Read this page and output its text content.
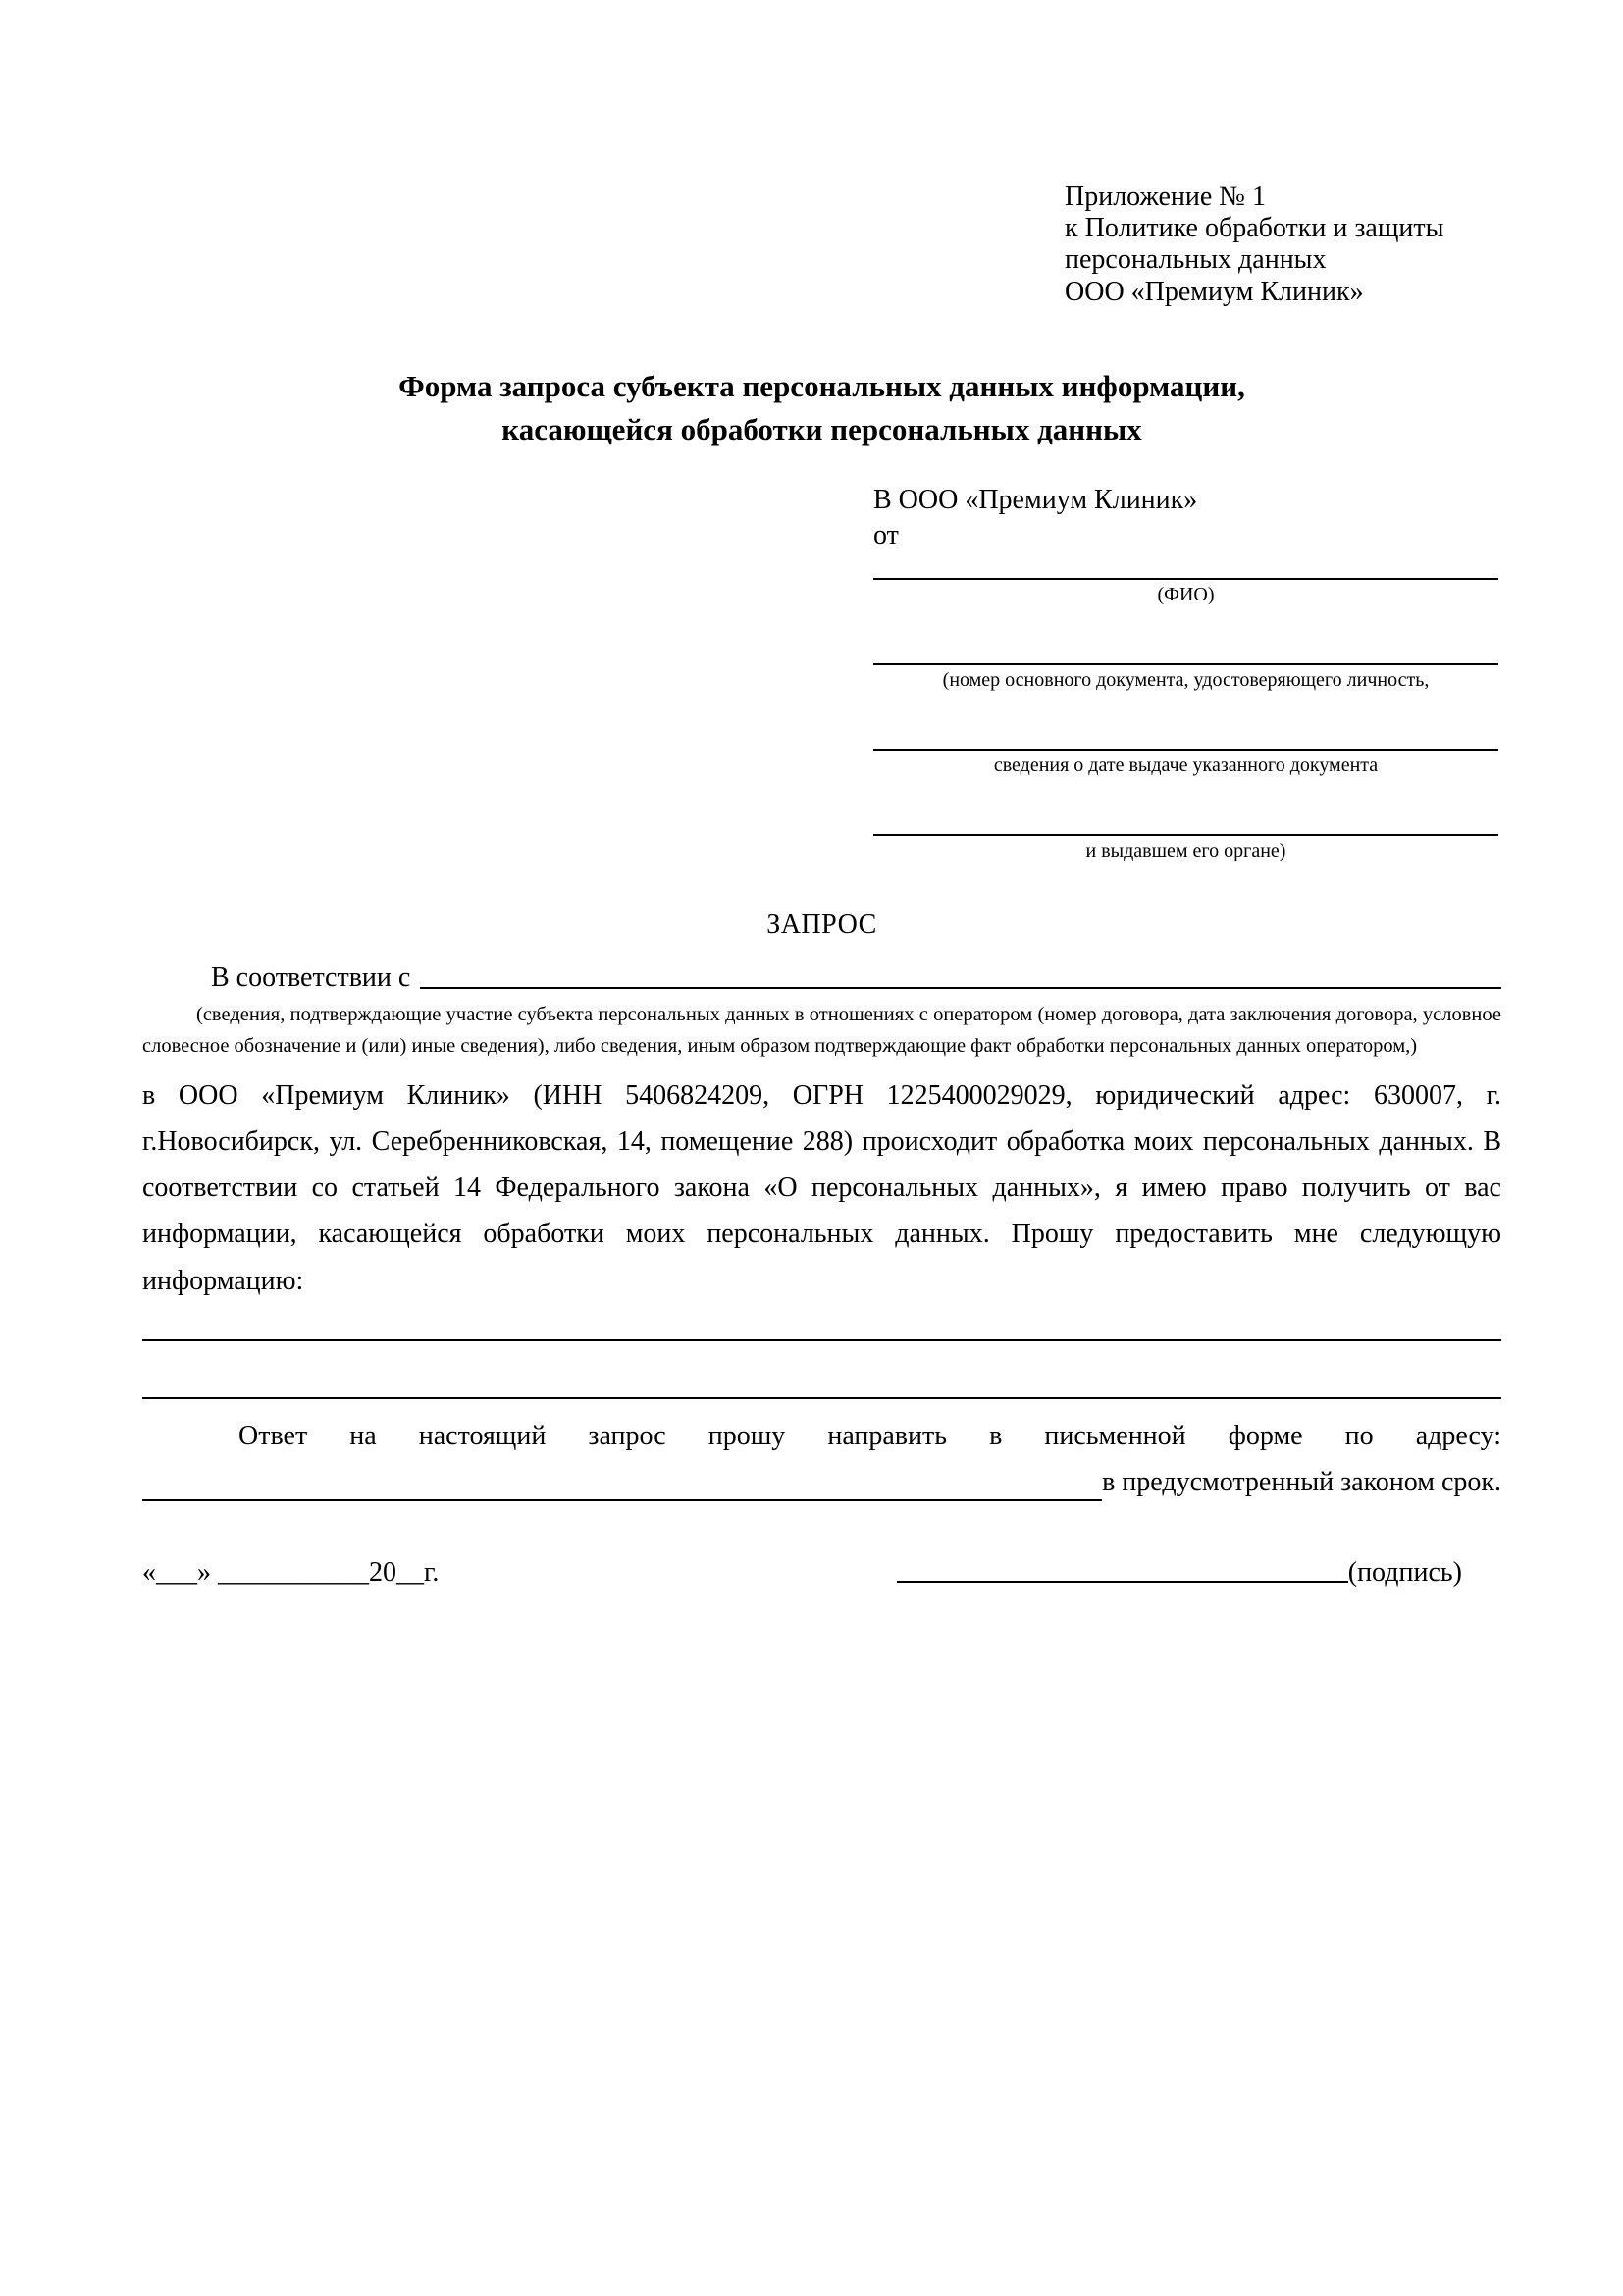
Приложение № 1
к Политике обработки и защиты
персональных данных
ООО «Премиум Клиник»
Форма запроса субъекта персональных данных информации,
касающейся обработки персональных данных
В ООО «Премиум Клиник»
от
(ФИО)
(номер основного документа, удостоверяющего личность,
сведения о дате выдаче указанного документа
и выдавшем его органе)
ЗАПРОС
В соответствии с
(сведения, подтверждающие участие субъекта персональных данных в отношениях с оператором (номер договора, дата заключения договора, условное словесное обозначение и (или) иные сведения), либо сведения, иным образом подтверждающие факт обработки персональных данных оператором,)
в ООО «Премиум Клиник» (ИНН 5406824209, ОГРН 1225400029029, юридический адрес: 630007, г. г.Новосибирск, ул. Серебренниковская, 14, помещение 288) происходит обработка моих персональных данных. В соответствии со статьей 14 Федерального закона «О персональных данных», я имею право получить от вас информации, касающейся обработки моих персональных данных. Прошу предоставить мне следующую информацию:
Ответ на настоящий запрос прошу направить в письменной форме по адресу:
в предусмотренный законом срок.
«___» ___________20__г.	(подпись)
